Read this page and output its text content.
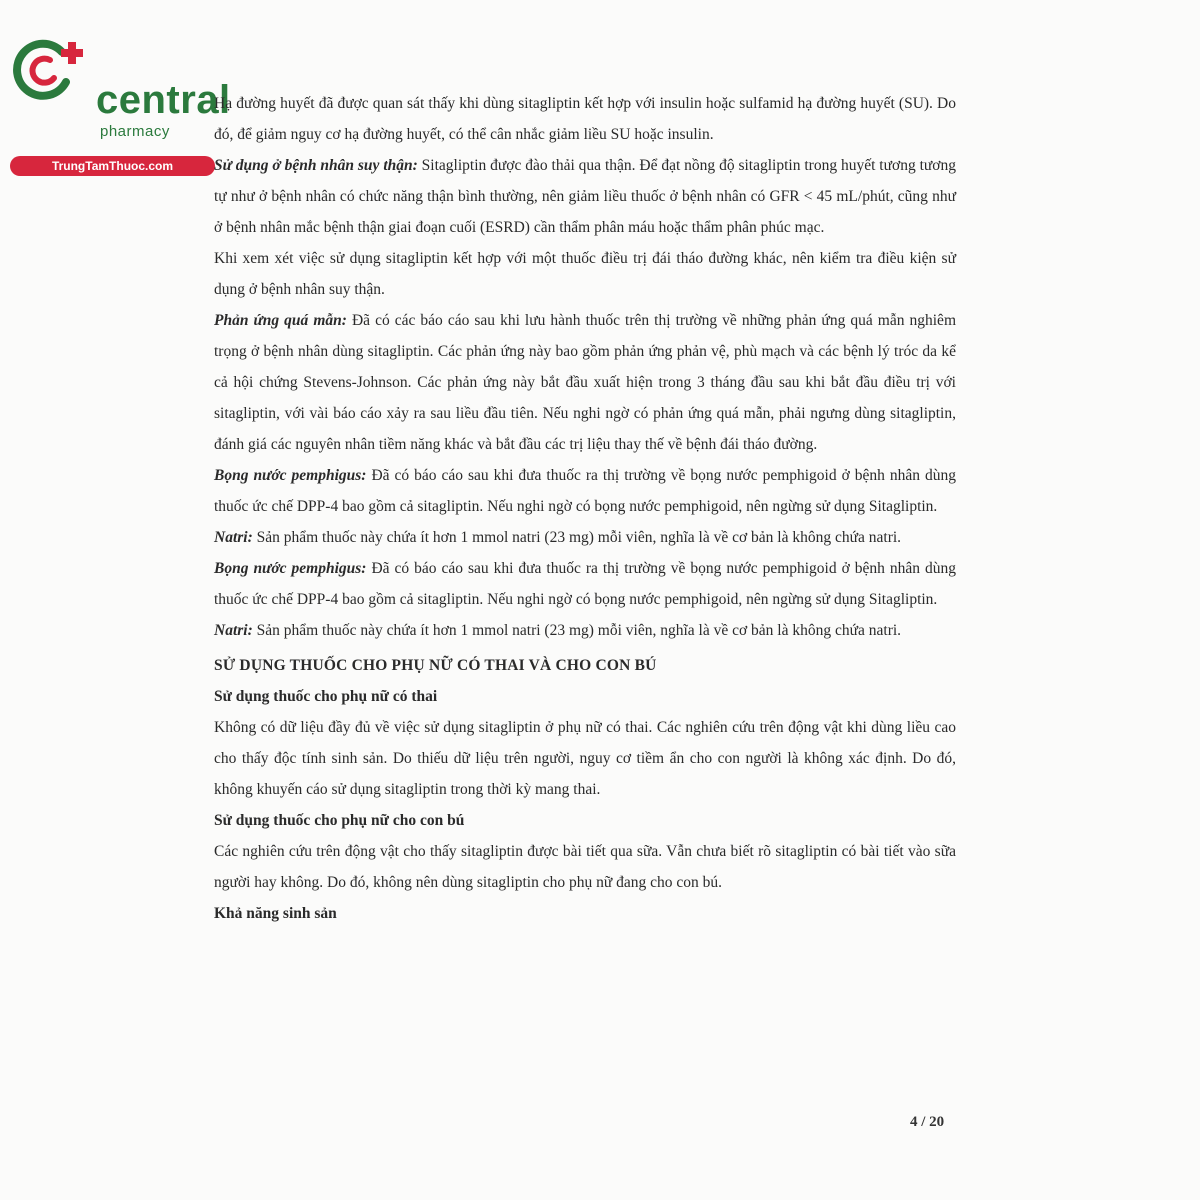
central
pharmacy
TrungTamThuoc.com

Hạ đường huyết đã được quan sát thấy khi dùng sitagliptin kết hợp với insulin hoặc sulfamid hạ đường huyết (SU). Do đó, để giảm nguy cơ hạ đường huyết, có thể cân nhắc giảm liều SU hoặc insulin.

Sử dụng ở bệnh nhân suy thận: Sitagliptin được đào thải qua thận. Để đạt nồng độ sitagliptin trong huyết tương tương tự như ở bệnh nhân có chức năng thận bình thường, nên giảm liều thuốc ở bệnh nhân có GFR < 45 mL/phút, cũng như ở bệnh nhân mắc bệnh thận giai đoạn cuối (ESRD) cần thẩm phân máu hoặc thẩm phân phúc mạc.

Khi xem xét việc sử dụng sitagliptin kết hợp với một thuốc điều trị đái tháo đường khác, nên kiểm tra điều kiện sử dụng ở bệnh nhân suy thận.

Phản ứng quá mẫn: Đã có các báo cáo sau khi lưu hành thuốc trên thị trường về những phản ứng quá mẫn nghiêm trọng ở bệnh nhân dùng sitagliptin. Các phản ứng này bao gồm phản ứng phản vệ, phù mạch và các bệnh lý tróc da kể cả hội chứng Stevens-Johnson. Các phản ứng này bắt đầu xuất hiện trong 3 tháng đầu sau khi bắt đầu điều trị với sitagliptin, với vài báo cáo xảy ra sau liều đầu tiên. Nếu nghi ngờ có phản ứng quá mẫn, phải ngưng dùng sitagliptin, đánh giá các nguyên nhân tiềm năng khác và bắt đầu các trị liệu thay thế về bệnh đái tháo đường.

Bọng nước pemphigus: Đã có báo cáo sau khi đưa thuốc ra thị trường về bọng nước pemphigoid ở bệnh nhân dùng thuốc ức chế DPP-4 bao gồm cả sitagliptin. Nếu nghi ngờ có bọng nước pemphigoid, nên ngừng sử dụng Sitagliptin.

Natri: Sản phẩm thuốc này chứa ít hơn 1 mmol natri (23 mg) mỗi viên, nghĩa là về cơ bản là không chứa natri.

Bọng nước pemphigus: Đã có báo cáo sau khi đưa thuốc ra thị trường về bọng nước pemphigoid ở bệnh nhân dùng thuốc ức chế DPP-4 bao gồm cả sitagliptin. Nếu nghi ngờ có bọng nước pemphigoid, nên ngừng sử dụng Sitagliptin.

Natri: Sản phẩm thuốc này chứa ít hơn 1 mmol natri (23 mg) mỗi viên, nghĩa là về cơ bản là không chứa natri.

SỬ DỤNG THUỐC CHO PHỤ NỮ CÓ THAI VÀ CHO CON BÚ

Sử dụng thuốc cho phụ nữ có thai

Không có dữ liệu đầy đủ về việc sử dụng sitagliptin ở phụ nữ có thai. Các nghiên cứu trên động vật khi dùng liều cao cho thấy độc tính sinh sản. Do thiếu dữ liệu trên người, nguy cơ tiềm ẩn cho con người là không xác định. Do đó, không khuyến cáo sử dụng sitagliptin trong thời kỳ mang thai.

Sử dụng thuốc cho phụ nữ cho con bú

Các nghiên cứu trên động vật cho thấy sitagliptin được bài tiết qua sữa. Vẫn chưa biết rõ sitagliptin có bài tiết vào sữa người hay không. Do đó, không nên dùng sitagliptin cho phụ nữ đang cho con bú.

Khả năng sinh sản

4 / 20
